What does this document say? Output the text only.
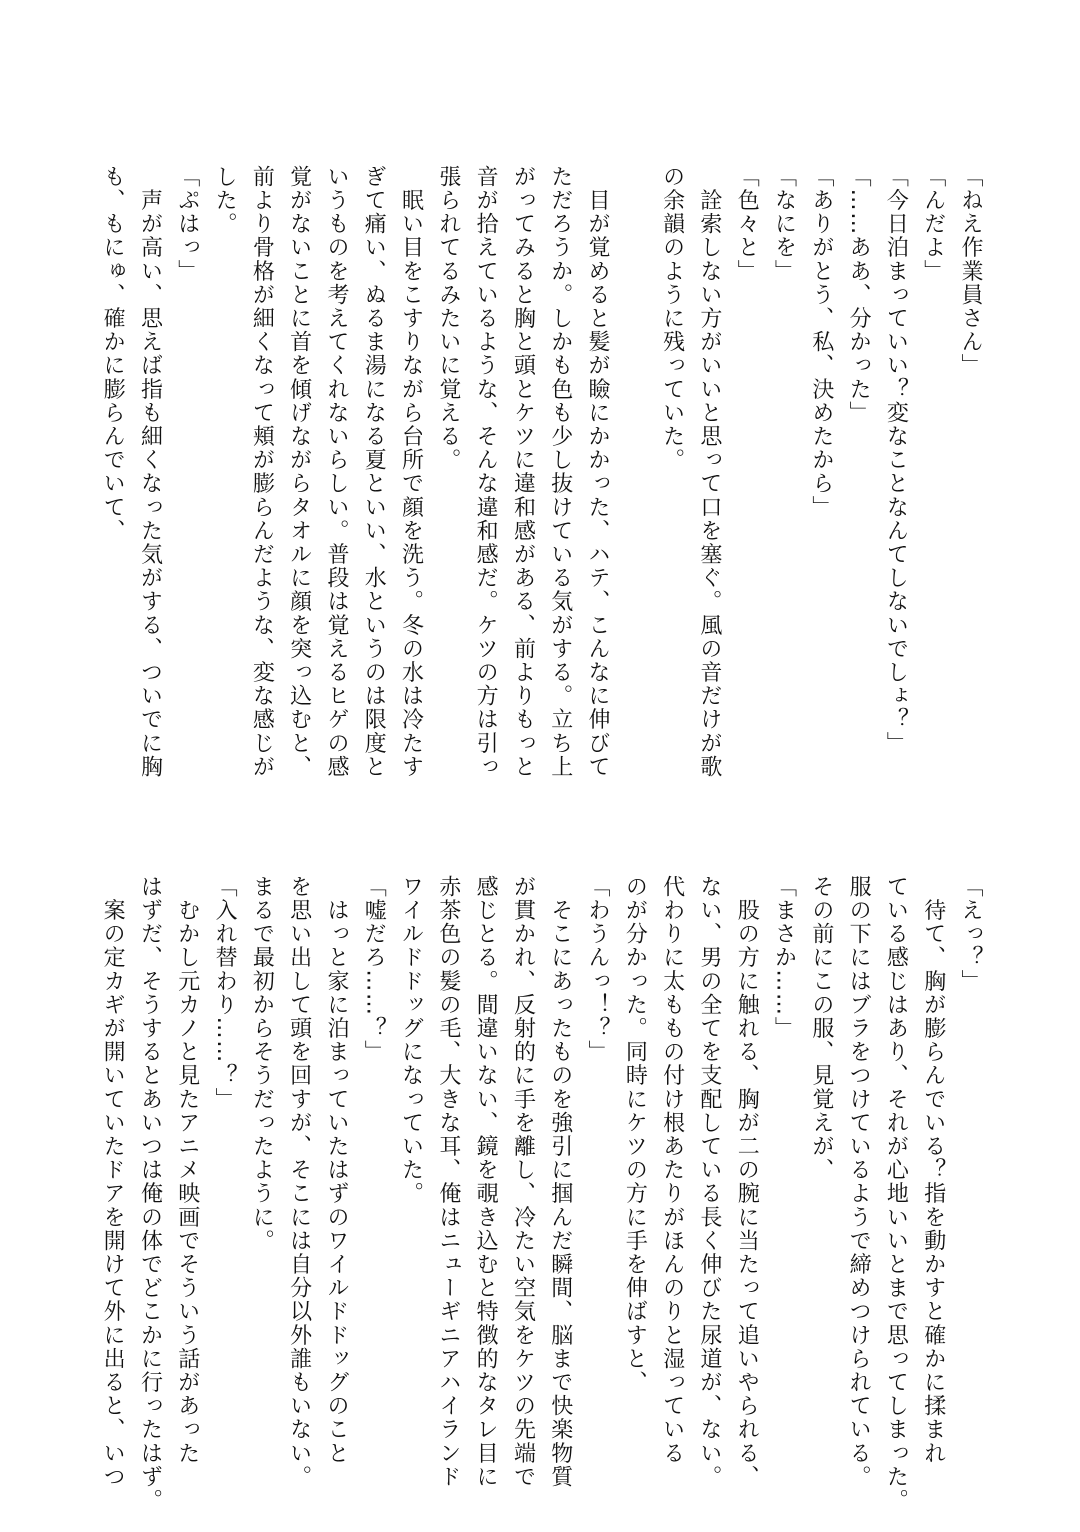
「ねえ作業員さん」
「んだよ」
「今日泊まっていい？変なことなんてしないでしょ？」
「……ああ、分かった」
「ありがとう、私、決めたから」
「なにを」
「色々と」
　詮索しない方がいいと思って口を塞ぐ。風の音だけが歌
の余韻のように残っていた。
　目が覚めると髪が瞼にかかった、ハテ、こんなに伸びて
ただろうか。しかも色も少し抜けている気がする。立ち上
がってみると胸と頭とケツに違和感がある、前よりもっと
音が拾えているような、そんな違和感だ。ケツの方は引っ
張られてるみたいに覚える。
　眠い目をこすりながら台所で顔を洗う。冬の水は冷たす
ぎて痛い、ぬるま湯になる夏といい、水というのは限度と
いうものを考えてくれないらしい。普段は覚えるヒゲの感
覚がないことに首を傾げながらタオルに顔を突っ込むと、
前より骨格が細くなって頬が膨らんだような、変な感じが
した。
「ぷはっ」
　声が高い、思えば指も細くなった気がする、ついでに胸
も、もにゅ、確かに膨らんでいて、
「えっ？」
　待て、胸が膨らんでいる？指を動かすと確かに揉まれ
ている感じはあり、それが心地いいとまで思ってしまった。
服の下にはブラをつけているようで締めつけられている。
その前にこの服、見覚えが、
「まさか……」
　股の方に触れる、胸が二の腕に当たって追いやられる、
ない、男の全てを支配している長く伸びた尿道が、ない。
代わりに太ももの付け根あたりがほんのりと湿っている
のが分かった。同時にケツの方に手を伸ばすと、
「わうんっ！？」
　そこにあったものを強引に掴んだ瞬間、脳まで快楽物質
が貫かれ、反射的に手を離し、冷たい空気をケツの先端で
感じとる。間違いない、鏡を覗き込むと特徴的なタレ目に
赤茶色の髪の毛、大きな耳、俺はニューギニアハイランド
ワイルドドッグになっていた。
「嘘だろ……？」
　はっと家に泊まっていたはずのワイルドドッグのこと
を思い出して頭を回すが、そこには自分以外誰もいない。
まるで最初からそうだったように。
「入れ替わり……？」
　むかし元カノと見たアニメ映画でそういう話があった
はずだ、そうするとあいつは俺の体でどこかに行ったはず。
　案の定カギが開いていたドアを開けて外に出ると、いつ
